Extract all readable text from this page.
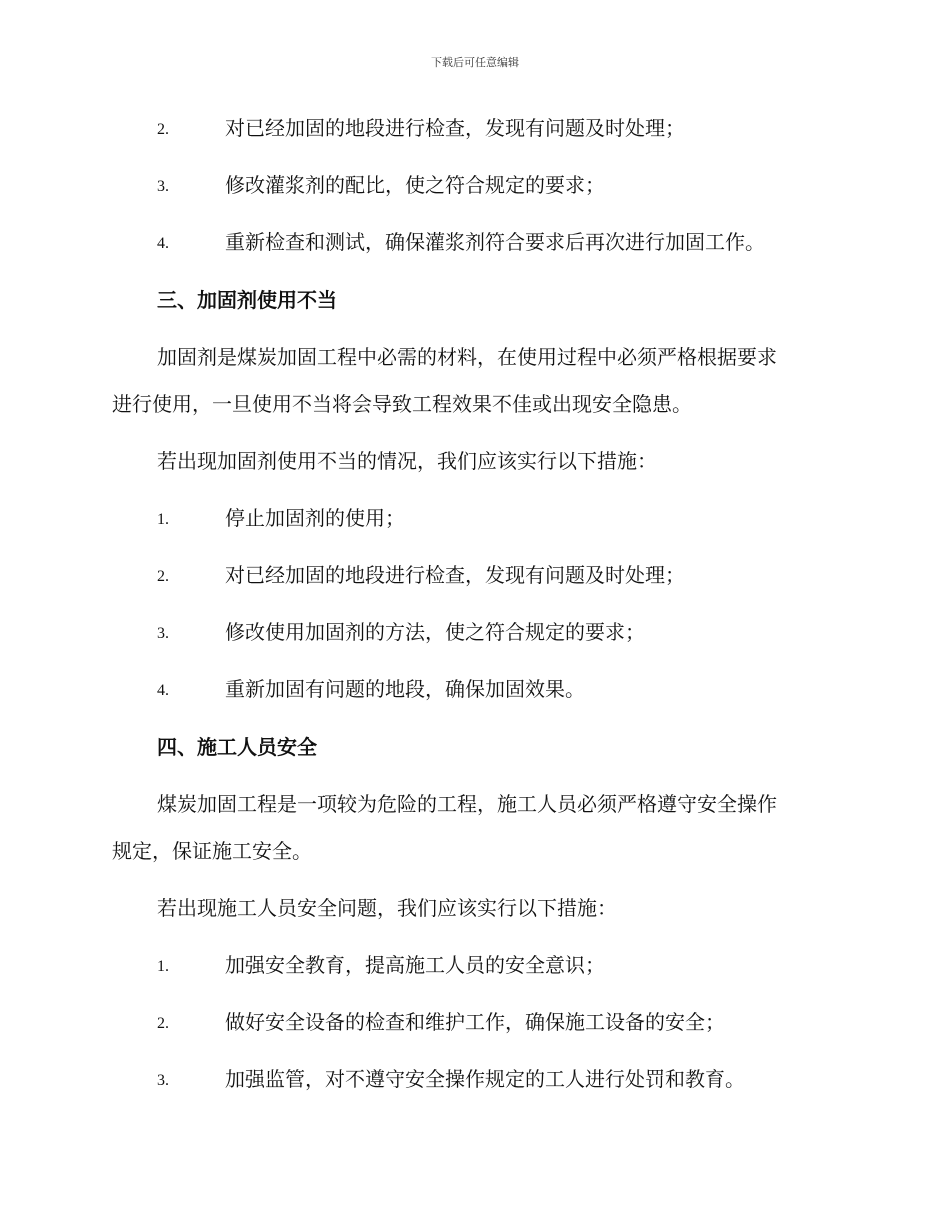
下载后可任意编辑
2.	对已经加固的地段进行检查，发现有问题及时处理；
3.	修改灌浆剂的配比，使之符合规定的要求；
4.	重新检查和测试，确保灌浆剂符合要求后再次进行加固工作。
三、加固剂使用不当
加固剂是煤炭加固工程中必需的材料，在使用过程中必须严格根据要求
进行使用，一旦使用不当将会导致工程效果不佳或出现安全隐患。
若出现加固剂使用不当的情况，我们应该实行以下措施：
1.	停止加固剂的使用；
2.	对已经加固的地段进行检查，发现有问题及时处理；
3.	修改使用加固剂的方法，使之符合规定的要求；
4.	重新加固有问题的地段，确保加固效果。
四、施工人员安全
煤炭加固工程是一项较为危险的工程，施工人员必须严格遵守安全操作
规定，保证施工安全。
若出现施工人员安全问题，我们应该实行以下措施：
1.	加强安全教育，提高施工人员的安全意识；
2.	做好安全设备的检查和维护工作，确保施工设备的安全；
3.	加强监管，对不遵守安全操作规定的工人进行处罚和教育。
